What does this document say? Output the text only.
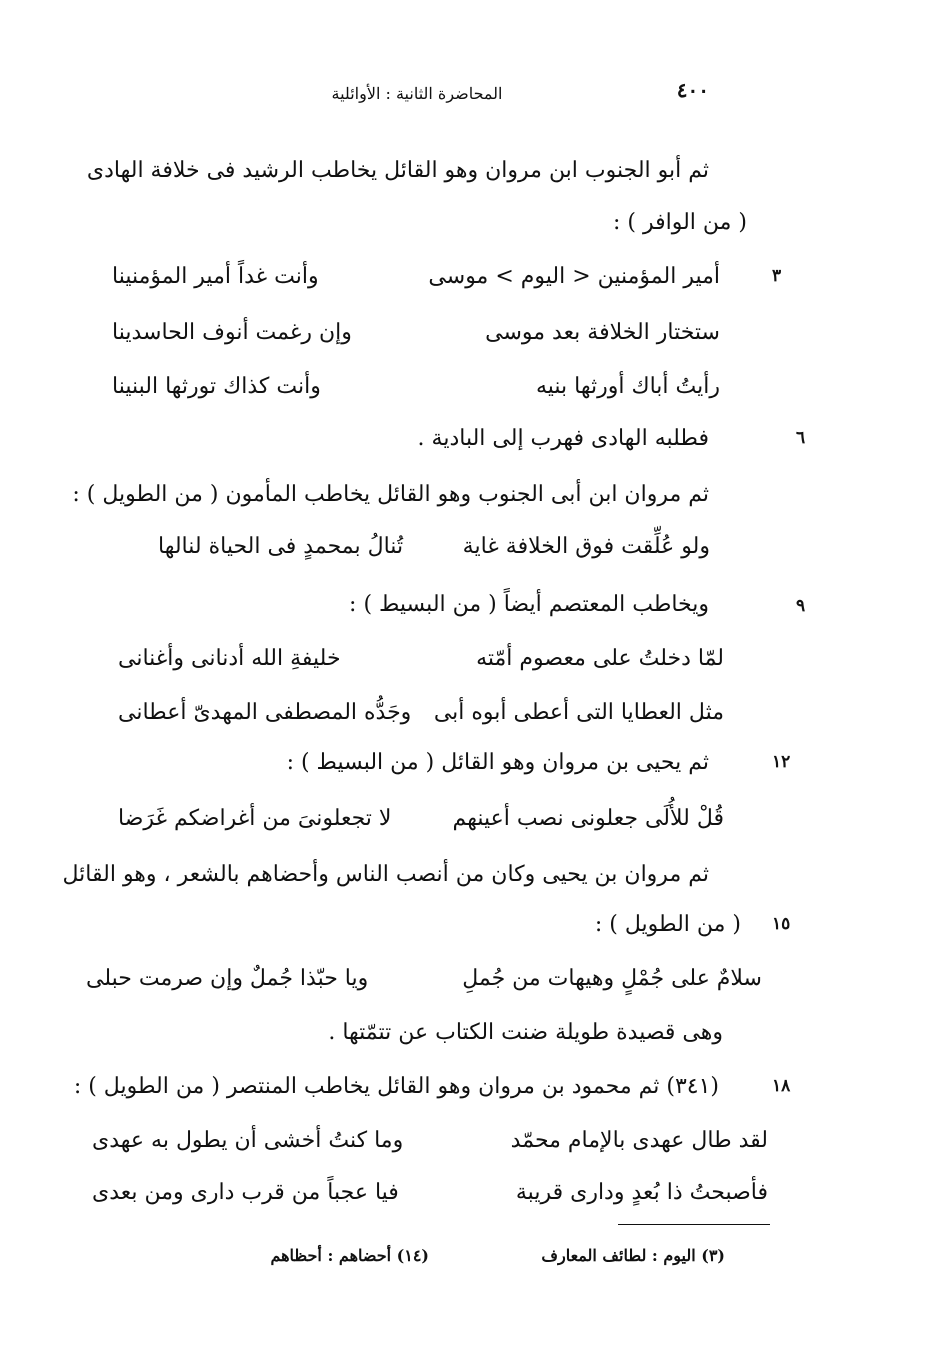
٤٠٠
المحاضرة الثانية : الأوائلية
ثم أبو الجنوب ابن مروان وهو القائل يخاطب الرشيد فى خلافة الهادى
( من الوافر ) :
٣
أمير المؤمنين < اليوم > موسى
وأنت غداً أمير المؤمنينا
ستختار الخلافة بعد موسى
وإن رغمت أنوف الحاسدينا
رأيتُ أباك أورثها بنيه
وأنت كذاك تورثها البنينا
٦
فطلبه الهادى فهرب إلى البادية .
ثم مروان ابن أبى الجنوب وهو القائل يخاطب المأمون ( من الطويل ) :
ولو عُلِّقت فوق الخلافة غاية
تُنالُ بمحمدٍ فى الحياة لنالها
٩
ويخاطب المعتصم أيضاً ( من البسيط ) :
لمّا دخلتُ على معصوم أمّته
خليفةِ الله أدنانى وأغنانى
مثل العطايا التى أعطى أبوه أبى
وجَدُّه المصطفى المهدىّ أعطانى
١٢
ثم يحيى بن مروان وهو القائل ( من البسيط ) :
قُلْ للأُلَى جعلونى نصب أعينهم
لا تجعلونىَ من أغراضكم غَرَضا
ثم مروان بن يحيى وكان من أنصب الناس وأحضاهم بالشعر ، وهو القائل
١٥
( من الطويل ) :
سلامٌ على جُمْلٍ وهيهات من جُملِ
ويا حبّذا جُملٌ وإن صرمت حبلى
وهى قصيدة طويلة ضنت الكتاب عن تتمّتها .
١٨
(٣٤١) ثم محمود بن مروان وهو القائل يخاطب المنتصر ( من الطويل ) :
لقد طال عهدى بالإمام محمّد
وما كنتُ أخشى أن يطول به عهدى
فأصبحتُ ذا بُعدٍ ودارى قريبة
فيا عجباً من قرب دارى ومن بعدى
(٣) اليوم : لطائف المعارف
(١٤) أحضاهم : أحظاهم
